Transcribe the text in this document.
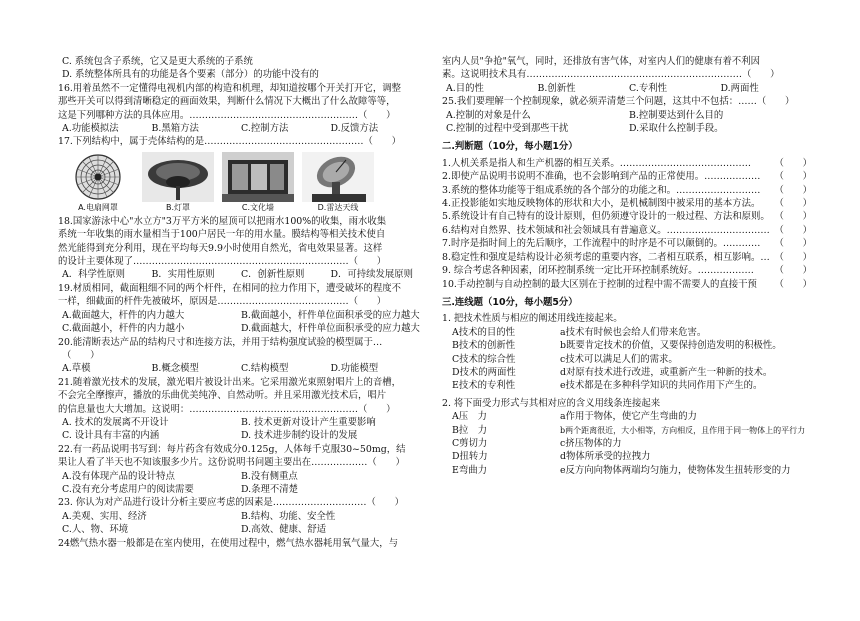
C. 系统包含子系统，它又是更大系统的子系统
D. 系统整体所具有的功能是各个要素（部分）的功能中没有的
16.用着虽然不一定懂得电视机内部的构造和机理，却知道按哪个开关打开它，调整
那些开关可以得到清晰稳定的画面效果，判断什么情况下大概出了什么故障等等，
这是下列哪种方法的具体应用。………………………………………………（　　）
A.功能模拟法	B.黑箱方法	C.控制方法	D.反馈方法
17.下列结构中，属于壳体结构的是……………………………………………（　　）
A.电扇网罩	B.灯罩	C.文化墙	D.雷达天线
18.国家游泳中心"水立方"3万平方米的屋顶可以把雨水100%的收集，雨水收集
系统一年收集的雨水量相当于100户居民一年的用水量。膜结构等相关技术使自
然光能得到充分利用，现在平均每天9.9小时使用自然光，省电效果显著。这样
的设计主要体现了……………………………………………………………（　　）
A．科学性原则	B．实用性原则	C．创新性原则	D．可持续发展原则
19.材质相同，截面粗细不同的两个杆件，在相同的拉力作用下，遭受破坏的程度不
一样，细截面的杆件先被破坏，原因是……………………………………（　　）
A.截面越大，杆件的内力越大	B.截面越小，杆件单位面积承受的应力越大
C.截面越小，杆件的内力越小	D.截面越大，杆件单位面积承受的应力越大
20.能清断表达产品的结构尺寸和连接方法，并用于结构强度试验的模型属于…
（　　）
A.草模	B.概念模型	C.结构模型	D.功能模型
21.随着激光技术的发展，激光唱片被设计出来。它采用激光束照射唱片上的音槽，
不会完全摩擦声，播放的乐曲优美纯净、自然动听。并且采用激光技术后，唱片
的信息量也大大增加。这说明：………………………………………………（　　）
A. 技术的发展离不开设计	B. 技术更新对设计产生重要影响
C. 设计具有丰富的内涵	D. 技术进步制约设计的发展
22.有一药品说明书写到：每片药含有效成分0.125g，人体每千克服30~50mg，结
果让人看了半天也不知该服多少片。这份说明书问题主要出在………………（　　）
A.没有体现产品的设计特点	B.没有侧重点
C.没有充分考虑用户的阅读需要	D.条理不清楚
23. 你认为对产品进行设计分析主要应考虑的因素是…………………………（　　）
A.美观、实用、经济	B.结构、功能、安全性
C.人、物、环境	D.高效、健康、舒适
24燃气热水器一般都是在室内使用，在使用过程中，燃气热水器耗用氧气量大，与
室内人员"争抢"氧气，同时，还排放有害气体，对室内人们的健康有着不利因
素。这说明技术具有……………………………………………………………（　　）
A.目的性	B.创新性	C.专利性	D.两面性
25.我们要理解一个控制现象，就必须弄清楚三个问题，这其中不包括：……（　　）
A.控制的对象是什么	B.控制要达到什么目的
C.控制的过程中受到那些干扰	D.采取什么控制手段。
二.判断题（10分，每小题1分）
1.人机关系是指人和生产机器的相互关系。……………………………………	（　　）
2.即使产品说明书说明不准确，也不会影响到产品的正常使用。………………	（　　）
3.系统的整体功能等于组成系统的各个部分的功能之和。………………………	（　　）
4.正投影能如实地反映物体的形状和大小，是机械制图中被采用的基本方法。	（　　）
5.系统设计有自己特有的设计原则，但仍须遵守设计的一般过程、方法和原则。 （　　）
6.结构对自然界、技术领域和社会领域具有普遍意义。…………………………… （　　）
7.时序是指时间上的先后顺序，工作流程中的时序是不可以颠倒的。…………	（　　）
8.稳定性和强度是结构设计必须考虑的重要内容，二者相互联系，相互影响。… （　　）
9. 综合考虑各种因素，闭环控制系统一定比开环控制系统好。………………	（　　）
10.手动控制与自动控制的最大区别在于控制的过程中需不需要人的直接干预	（　　）
三.连线题（10分，每小题5分）
1. 把技术性质与相应的阐述用线连接起来。
A技术的目的性	a技术有时候也会给人们带来危害。
B技术的创新性	b既要肯定技术的价值，又要保持创造发明的积极性。
C技术的综合性	c技术可以满足人们的需求。
D技术的两面性	d对原有技术进行改进，或重新产生一种新的技术。
E技术的专利性	e技术都是在多种科学知识的共同作用下产生的。
2. 将下面受力形式与其相对应的含义用线条连接起来
A压　力	a作用于物体，使它产生弯曲的力
B拉　力	b两个距离很近，大小相等，方向相反，且作用于同一物体上的平行力
C剪切力	c挤压物体的力
D扭转力	d物体所承受的拉拽力
E弯曲力	e反方向向物体两端均匀施力，使物体发生扭转形变的力
